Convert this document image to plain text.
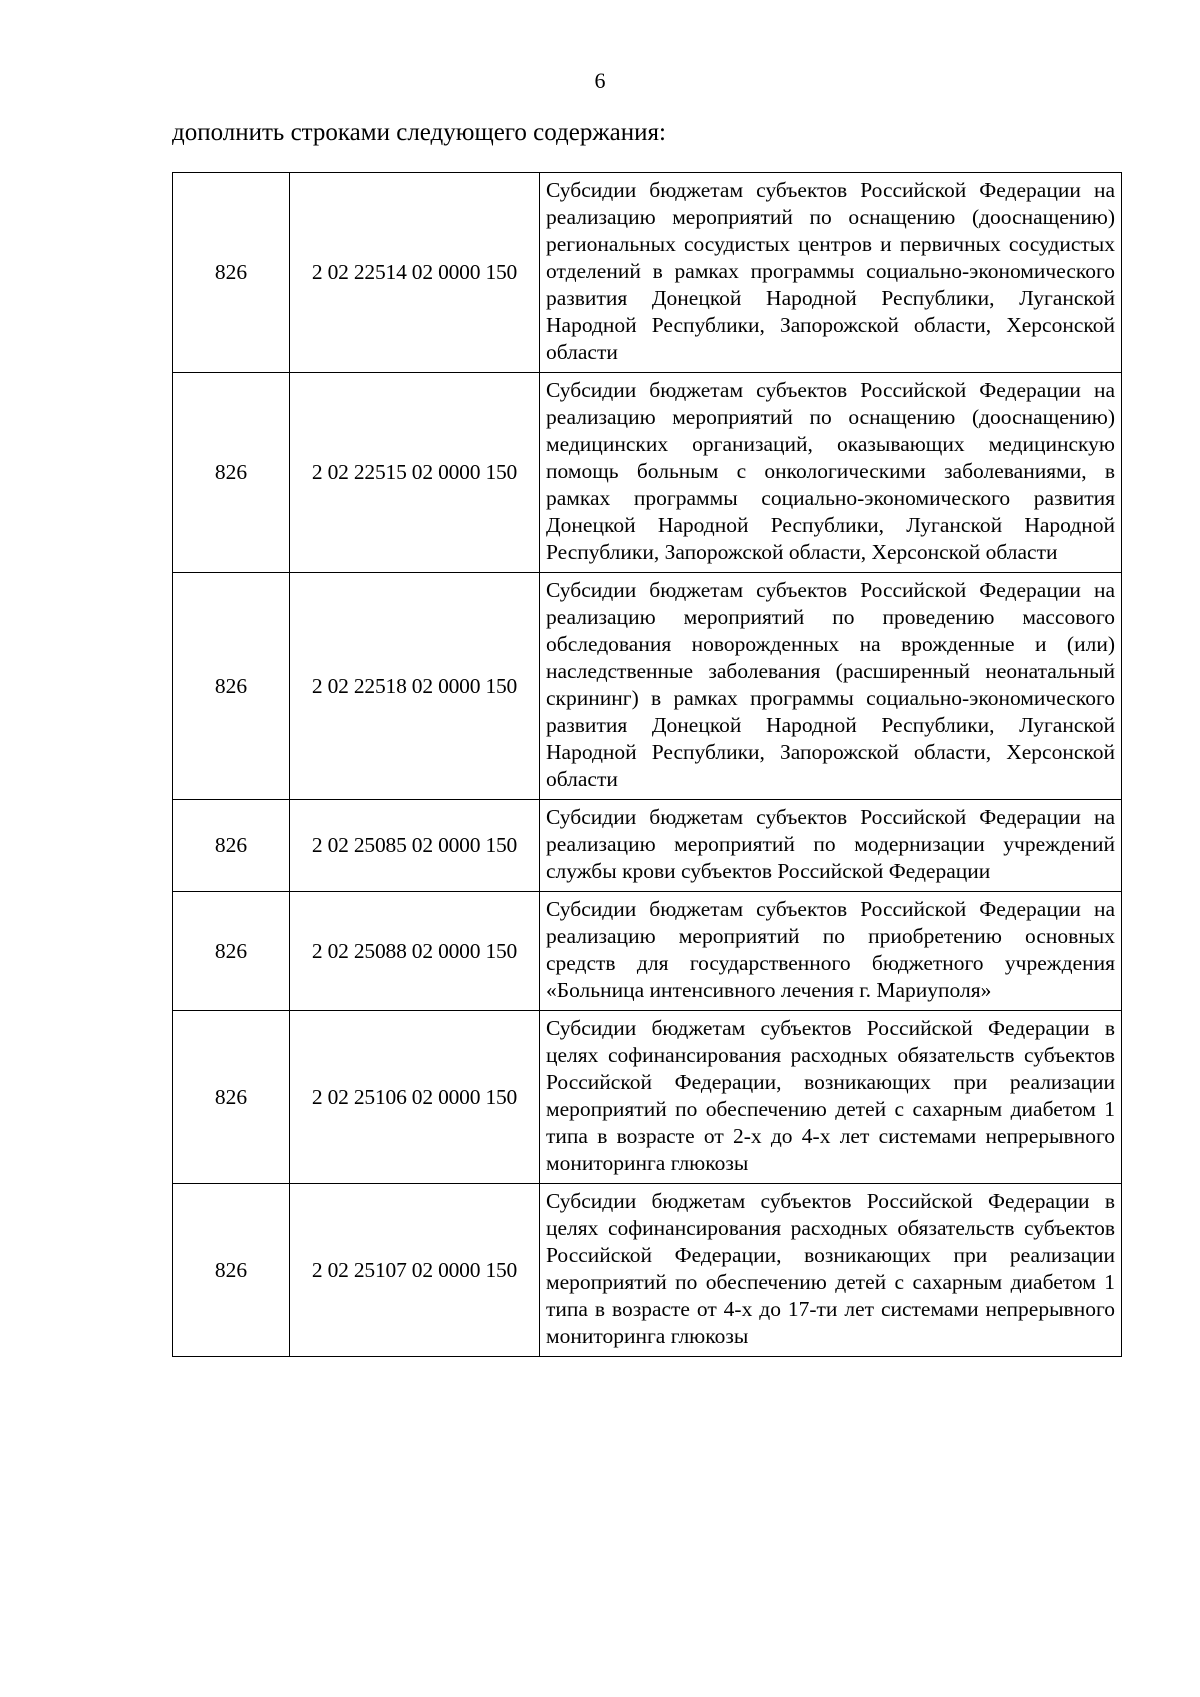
6
дополнить строками следующего содержания:
826	2 02 22514 02 0000 150	Субсидии бюджетам субъектов Российской Федерации на реализацию мероприятий по оснащению (дооснащению) региональных сосудистых центров и первичных сосудистых отделений в рамках программы социально-экономического развития Донецкой Народной Республики, Луганской Народной Республики, Запорожской области, Херсонской области
826	2 02 22515 02 0000 150	Субсидии бюджетам субъектов Российской Федерации на реализацию мероприятий по оснащению (дооснащению) медицинских организаций, оказывающих медицинскую помощь больным с онкологическими заболеваниями, в рамках программы социально-экономического развития Донецкой Народной Республики, Луганской Народной Республики, Запорожской области, Херсонской области
826	2 02 22518 02 0000 150	Субсидии бюджетам субъектов Российской Федерации на реализацию мероприятий по проведению массового обследования новорожденных на врожденные и (или) наследственные заболевания (расширенный неонатальный скрининг) в рамках программы социально-экономического развития Донецкой Народной Республики, Луганской Народной Республики, Запорожской области, Херсонской области
826	2 02 25085 02 0000 150	Субсидии бюджетам субъектов Российской Федерации на реализацию мероприятий по модернизации учреждений службы крови субъектов Российской Федерации
826	2 02 25088 02 0000 150	Субсидии бюджетам субъектов Российской Федерации на реализацию мероприятий по приобретению основных средств для государственного бюджетного учреждения «Больница интенсивного лечения г. Мариуполя»
826	2 02 25106 02 0000 150	Субсидии бюджетам субъектов Российской Федерации в целях софинансирования расходных обязательств субъектов Российской Федерации, возникающих при реализации мероприятий по обеспечению детей с сахарным диабетом 1 типа в возрасте от 2-х до 4-х лет системами непрерывного мониторинга глюкозы
826	2 02 25107 02 0000 150	Субсидии бюджетам субъектов Российской Федерации в целях софинансирования расходных обязательств субъектов Российской Федерации, возникающих при реализации мероприятий по обеспечению детей с сахарным диабетом 1 типа в возрасте от 4-х до 17-ти лет системами непрерывного мониторинга глюкозы
